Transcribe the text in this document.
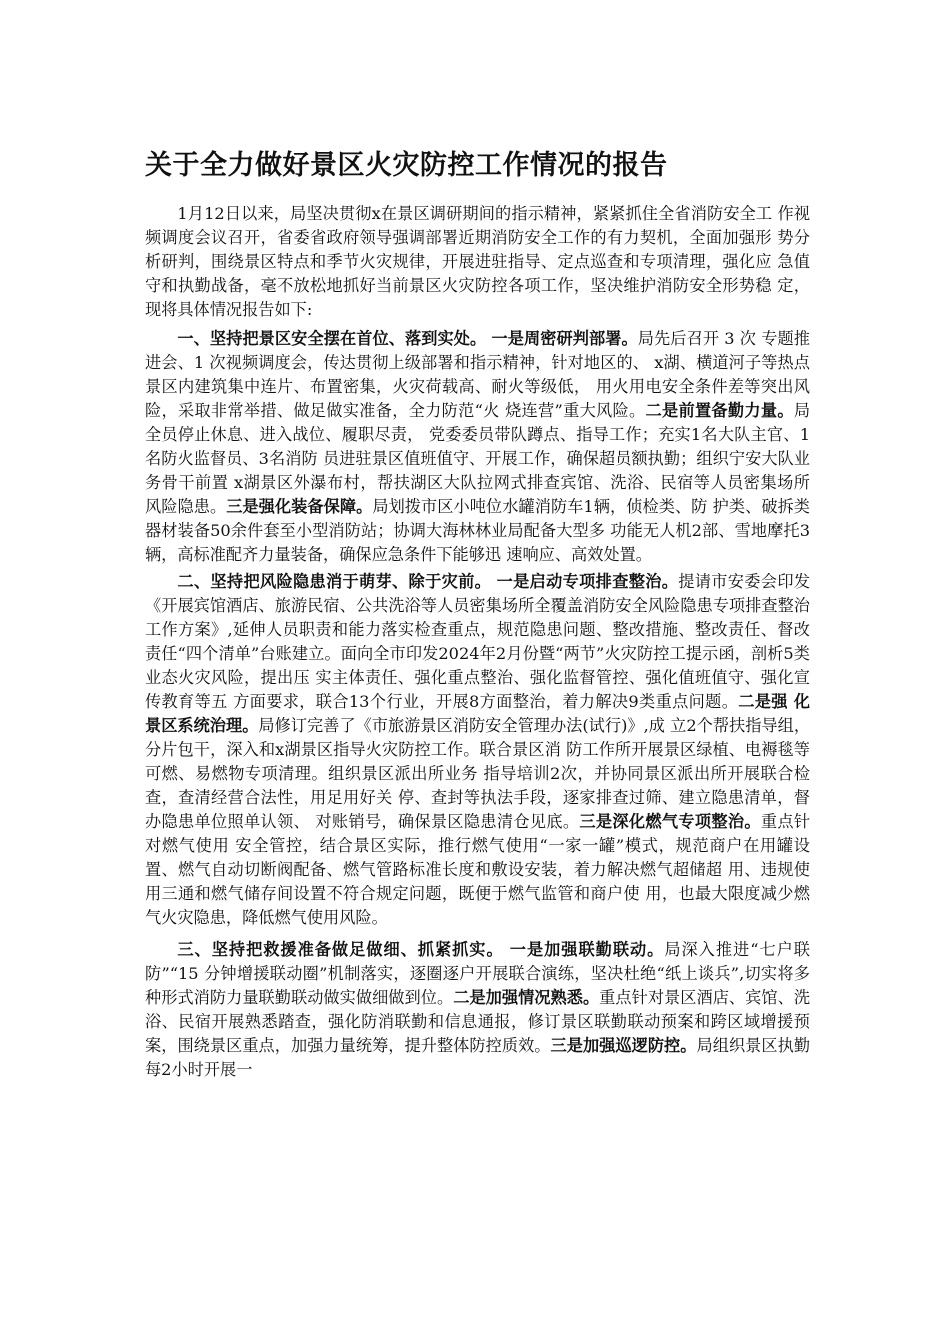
关于全力做好景区火灾防控工作情况的报告

1月12日以来，局坚决贯彻x在景区调研期间的指示精神，紧紧抓住全省消防安全工 作视频调度会议召开，省委省政府领导强调部署近期消防安全工作的有力契机，全面加强形 势分析研判，围绕景区特点和季节火灾规律，开展进驻指导、定点巡查和专项清理，强化应 急值守和执勤战备，毫不放松地抓好当前景区火灾防控各项工作，坚决维护消防安全形势稳 定，现将具体情况报告如下:

一、坚持把景区安全摆在首位、落到实处。 一是周密研判部署。局先后召开 3 次 专题推进会、1 次视频调度会，传达贯彻上级部署和指示精神，针对地区的、 x湖、横道河子等热点景区内建筑集中连片、布置密集，火灾荷载高、耐火等级低， 用火用电安全条件差等突出风险，采取非常举措、做足做实准备，全力防范“火 烧连营”重大风险。二是前置备勤力量。局全员停止休息、进入战位、履职尽责， 党委委员带队蹲点、指导工作；充实1名大队主官、1名防火监督员、3名消防 员进驻景区值班值守、开展工作，确保超员额执勤；组织宁安大队业务骨干前置 x湖景区外瀑布村，帮扶湖区大队拉网式排查宾馆、洗浴、民宿等人员密集场所 风险隐患。三是强化装备保障。局划拨市区小吨位水罐消防车1辆，侦检类、防 护类、破拆类器材装备50余件套至小型消防站；协调大海林林业局配备大型多 功能无人机2部、雪地摩托3辆，高标准配齐力量装备，确保应急条件下能够迅 速响应、高效处置。

二、坚持把风险隐患消于萌芽、除于灾前。 一是启动专项排查整治。提请市安委会印发《开展宾馆酒店、旅游民宿、公共洗浴等人员密集场所全覆盖消防安全风险隐患专项排查整治工作方案》,延伸人员职责和能力落实检查重点，规范隐患问题、整改措施、整改责任、督改责任“四个清单”台账建立。面向全市印发2024年2月份暨“两节”火灾防控工提示函，剖析5类业态火灾风险，提出压 实主体责任、强化重点整治、强化监督管控、强化值班值守、强化宣传教育等五 方面要求，联合13个行业，开展8方面整治，着力解决9类重点问题。二是强 化景区系统治理。局修订完善了《市旅游景区消防安全管理办法(试行)》,成 立2个帮扶指导组，分片包干，深入和x湖景区指导火灾防控工作。联合景区消 防工作所开展景区绿植、电褥毯等可燃、易燃物专项清理。组织景区派出所业务 指导培训2次，并协同景区派出所开展联合检查，查清经营合法性，用足用好关 停、查封等执法手段，逐家排查过筛、建立隐患清单，督办隐患单位照单认领、 对账销号，确保景区隐患清仓见底。三是深化燃气专项整治。重点针对燃气使用 安全管控，结合景区实际，推行燃气使用“一家一罐”模式，规范商户在用罐设 置、燃气自动切断阀配备、燃气管路标准长度和敷设安装，着力解决燃气超储超 用、违规使用三通和燃气储存间设置不符合规定问题，既便于燃气监管和商户使 用，也最大限度减少燃气火灾隐患，降低燃气使用风险。

三、坚持把救援准备做足做细、抓紧抓实。 一是加强联勤联动。局深入推进“七户联防”“15 分钟增援联动圈”机制落实，逐圈逐户开展联合演练，坚决杜绝“纸上谈兵”,切实将多种形式消防力量联勤联动做实做细做到位。二是加强情况熟悉。重点针对景区酒店、宾馆、洗浴、民宿开展熟悉踏查，强化防消联勤和信息通报，修订景区联勤联动预案和跨区域增援预案，围绕景区重点，加强力量统筹，提升整体防控质效。三是加强巡逻防控。局组织景区执勤每2小时开展一
